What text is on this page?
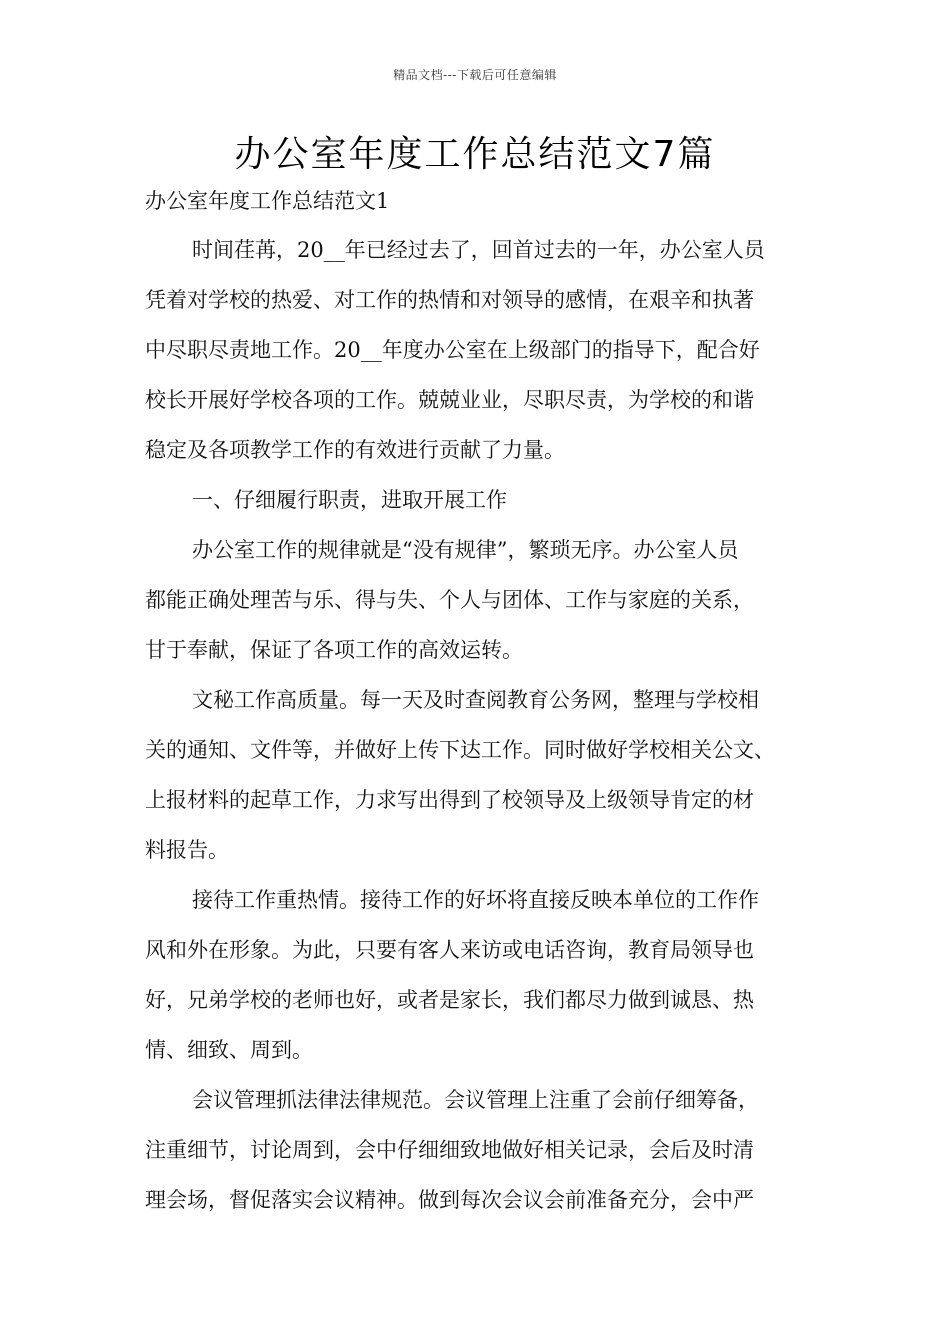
精品文档---下载后可任意编辑
办公室年度工作总结范文7篇
办公室年度工作总结范文1
时间荏苒，20__年已经过去了，回首过去的一年，办公室人员
凭着对学校的热爱、对工作的热情和对领导的感情，在艰辛和执著
中尽职尽责地工作。20__年度办公室在上级部门的指导下，配合好
校长开展好学校各项的工作。兢兢业业，尽职尽责，为学校的和谐
稳定及各项教学工作的有效进行贡献了力量。
一、仔细履行职责，进取开展工作
办公室工作的规律就是“没有规律”，繁琐无序。办公室人员
都能正确处理苦与乐、得与失、个人与团体、工作与家庭的关系，
甘于奉献，保证了各项工作的高效运转。
文秘工作高质量。每一天及时查阅教育公务网，整理与学校相
关的通知、文件等，并做好上传下达工作。同时做好学校相关公文、
上报材料的起草工作，力求写出得到了校领导及上级领导肯定的材
料报告。
接待工作重热情。接待工作的好坏将直接反映本单位的工作作
风和外在形象。为此，只要有客人来访或电话咨询，教育局领导也
好，兄弟学校的老师也好，或者是家长，我们都尽力做到诚恳、热
情、细致、周到。
会议管理抓法律法律规范。会议管理上注重了会前仔细筹备，
注重细节，讨论周到，会中仔细细致地做好相关记录，会后及时清
理会场，督促落实会议精神。做到每次会议会前准备充分，会中严
